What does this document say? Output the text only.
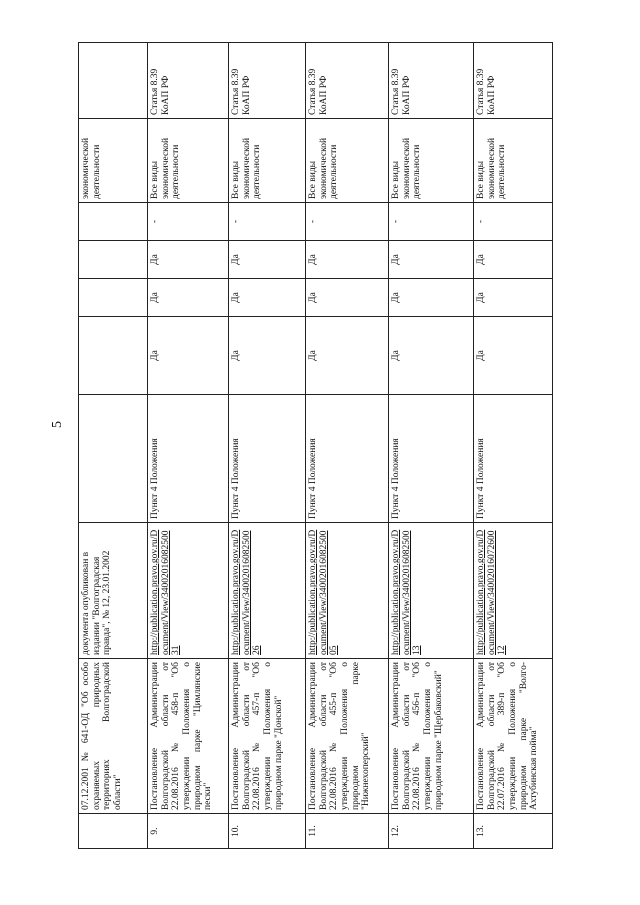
5
	07.12.2001 № 641-ОД "Об особо охраняемых природных территориях Волгоградской области"	документа опубликован в издании "Волгоградская правда", № 12, 23.01.2002						экономической деятельности	
9.	Постановление Администрации Волгоградской области от 22.08.2016 № 458-п "Об утверждении Положения о природном парке "Цимлянские пески"	http://publication.pravo.gov.ru/Document/View/3400201608250031	Пункт 4 Положения	Да	Да	Да	-	Все виды экономической деятельности	Статья 8.39 КоАП РФ
10.	Постановление Администрации Волгоградской области от 22.08.2016 № 457-п "Об утверждении Положения о природном парке "Донской"	http://publication.pravo.gov.ru/Document/View/3400201608250026	Пункт 4 Положения	Да	Да	Да	-	Все виды экономической деятельности	Статья 8.39 КоАП РФ
11.	Постановление Администрации Волгоградской области от 22.08.2016 № 455-п "Об утверждении Положения о природном парке "Нижнехоперский"	http://publication.pravo.gov.ru/Document/View/3400201608250005	Пункт 4 Положения	Да	Да	Да	-	Все виды экономической деятельности	Статья 8.39 КоАП РФ
12.	Постановление Администрации Волгоградской области от 22.08.2016 № 456-п "Об утверждении Положения о природном парке "Щербаковский"	http://publication.pravo.gov.ru/Document/View/3400201608250013	Пункт 4 Положения	Да	Да	Да	-	Все виды экономической деятельности	Статья 8.39 КоАП РФ
13.	Постановление Администрации Волгоградской области от 22.07.2016 № 389-п "Об утверждении Положения о природном парке "Волго-Ахтубинская пойма"	http://publication.pravo.gov.ru/Document/View/3400201607260012	Пункт 4 Положения	Да	Да	Да	-	Все виды экономической деятельности	Статья 8.39 КоАП РФ
